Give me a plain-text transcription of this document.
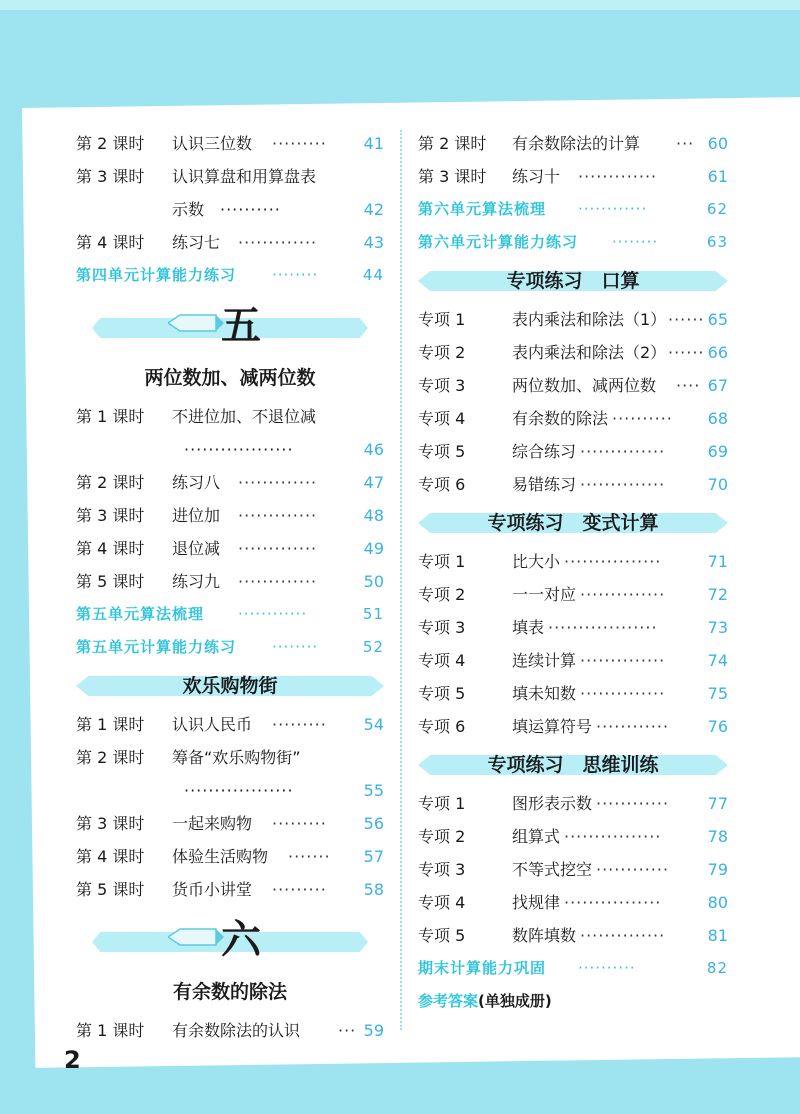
第 2 课时 认识三位数 ········· 41
第 3 课时 认识算盘和用算盘表
示数 ··········	42
第 4 课时 练习七 ·············	43
第四单元计算能力练习 ········	44
五
两位数加、减两位数
第 1 课时 不进位加、不退位减
··················	46
第 2 课时 练习八 ·············	47
第 3 课时 进位加 ·············	48
第 4 课时 退位减 ·············	49
第 5 课时 练习九 ·············	50
第五单元算法梳理 ············	51
第五单元计算能力练习 ········	52
欢乐购物街
第 1 课时 认识人民币 ········· 54
第 2 课时 筹备“欢乐购物街”
··················	55
第 3 课时 一起来购物 ········· 56
第 4 课时 体验生活购物 ······· 57
第 5 课时 货币小讲堂 ········· 58
六
有余数的除法
第 1 课时 有余数除法的认识 ··· 59
第 2 课时 有余数除法的计算 ··· 60
第 3 课时 练习十 ·············	61
第六单元算法梳理 ············	62
第六单元计算能力练习 ········	63
专项练习　口算
专项 1	表内乘法和除法（1） ······ 65
专项 2	表内乘法和除法（2） ······ 66
专项 3	两位数加、减两位数 ···· 67
专项 4	有余数的除法 ·········· 68
专项 5	综合练习 ··············	69
专项 6	易错练习 ··············	70
专项练习　变式计算
专项 1	比大小 ················	71
专项 2	一一对应 ··············	72
专项 3	填表 ··················	73
专项 4	连续计算 ··············	74
专项 5	填未知数 ··············	75
专项 6	填运算符号 ············ 76
专项练习　思维训练
专项 1	图形表示数 ············ 77
专项 2	组算式 ················	78
专项 3	不等式挖空 ············ 79
专项 4	找规律 ················	80
专项 5	数阵填数 ··············	81
期末计算能力巩固 ··········	82
参考答案(单独成册)
2
